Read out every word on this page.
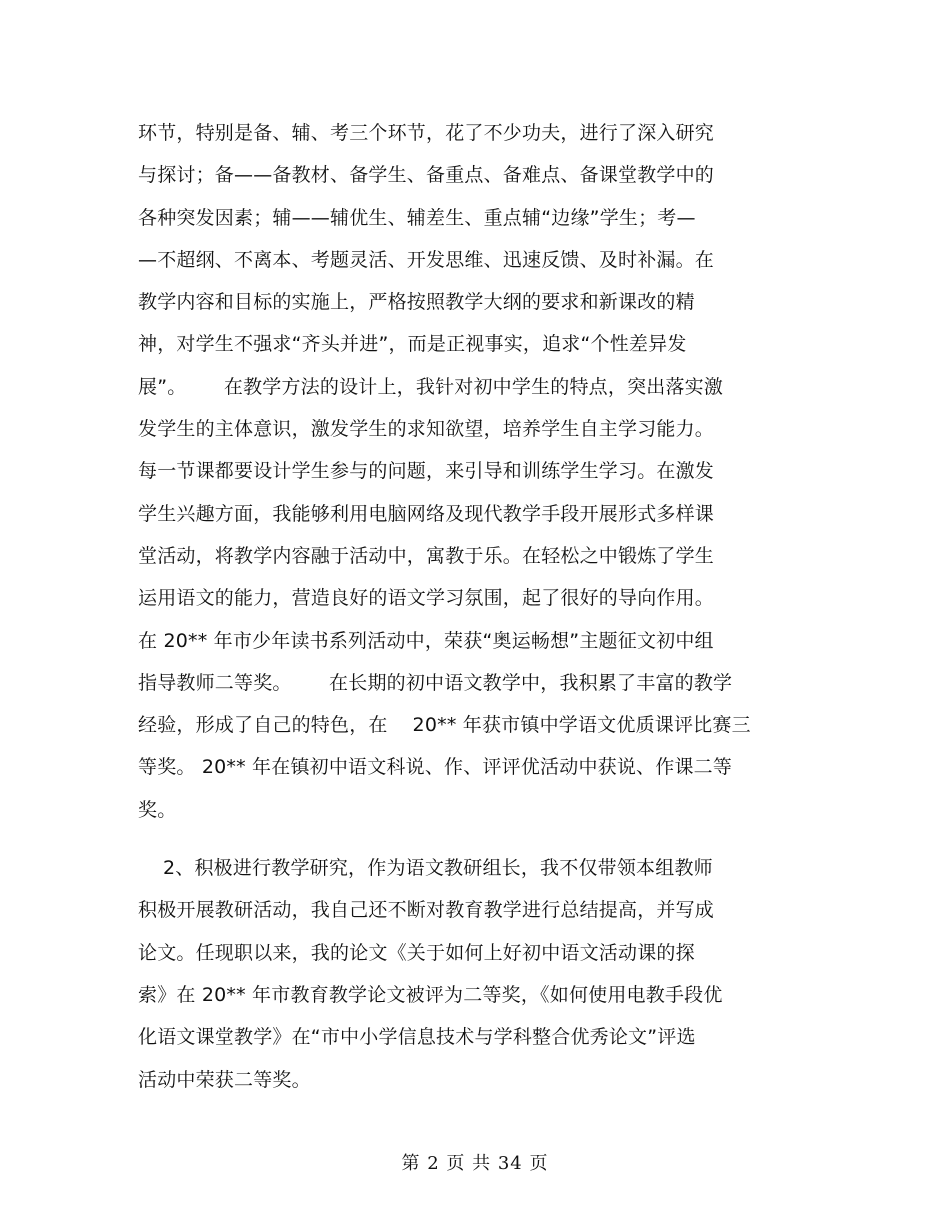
环节，特别是备、辅、考三个环节，花了不少功夫，进行了深入研究
与探讨；备——备教材、备学生、备重点、备难点、备课堂教学中的
各种突发因素；辅——辅优生、辅差生、重点辅“边缘”学生；考—
—不超纲、不离本、考题灵活、开发思维、迅速反馈、及时补漏。在
教学内容和目标的实施上，严格按照教学大纲的要求和新课改的精
神，对学生不强求“齐头并进”，而是正视事实，追求“个性差异发
展”。      在教学方法的设计上，我针对初中学生的特点，突出落实激
发学生的主体意识，激发学生的求知欲望，培养学生自主学习能力。
每一节课都要设计学生参与的问题，来引导和训练学生学习。在激发
学生兴趣方面，我能够利用电脑网络及现代教学手段开展形式多样课
堂活动，将教学内容融于活动中，寓教于乐。在轻松之中锻炼了学生
运用语文的能力，营造良好的语文学习氛围，起了很好的导向作用。
在 20** 年市少年读书系列活动中，荣获“奥运畅想”主题征文初中组
指导教师二等奖。      在长期的初中语文教学中，我积累了丰富的教学
经验，形成了自己的特色，在    20** 年获市镇中学语文优质课评比赛三
等奖。 20** 年在镇初中语文科说、作、评评优活动中获说、作课二等
奖。
2、积极进行教学研究，作为语文教研组长，我不仅带领本组教师
积极开展教研活动，我自己还不断对教育教学进行总结提高，并写成
论文。任现职以来，我的论文《关于如何上好初中语文活动课的探
索》在 20** 年市教育教学论文被评为二等奖，《如何使用电教手段优
化语文课堂教学》在“市中小学信息技术与学科整合优秀论文”评选
活动中荣获二等奖。
第 2 页 共 34 页
